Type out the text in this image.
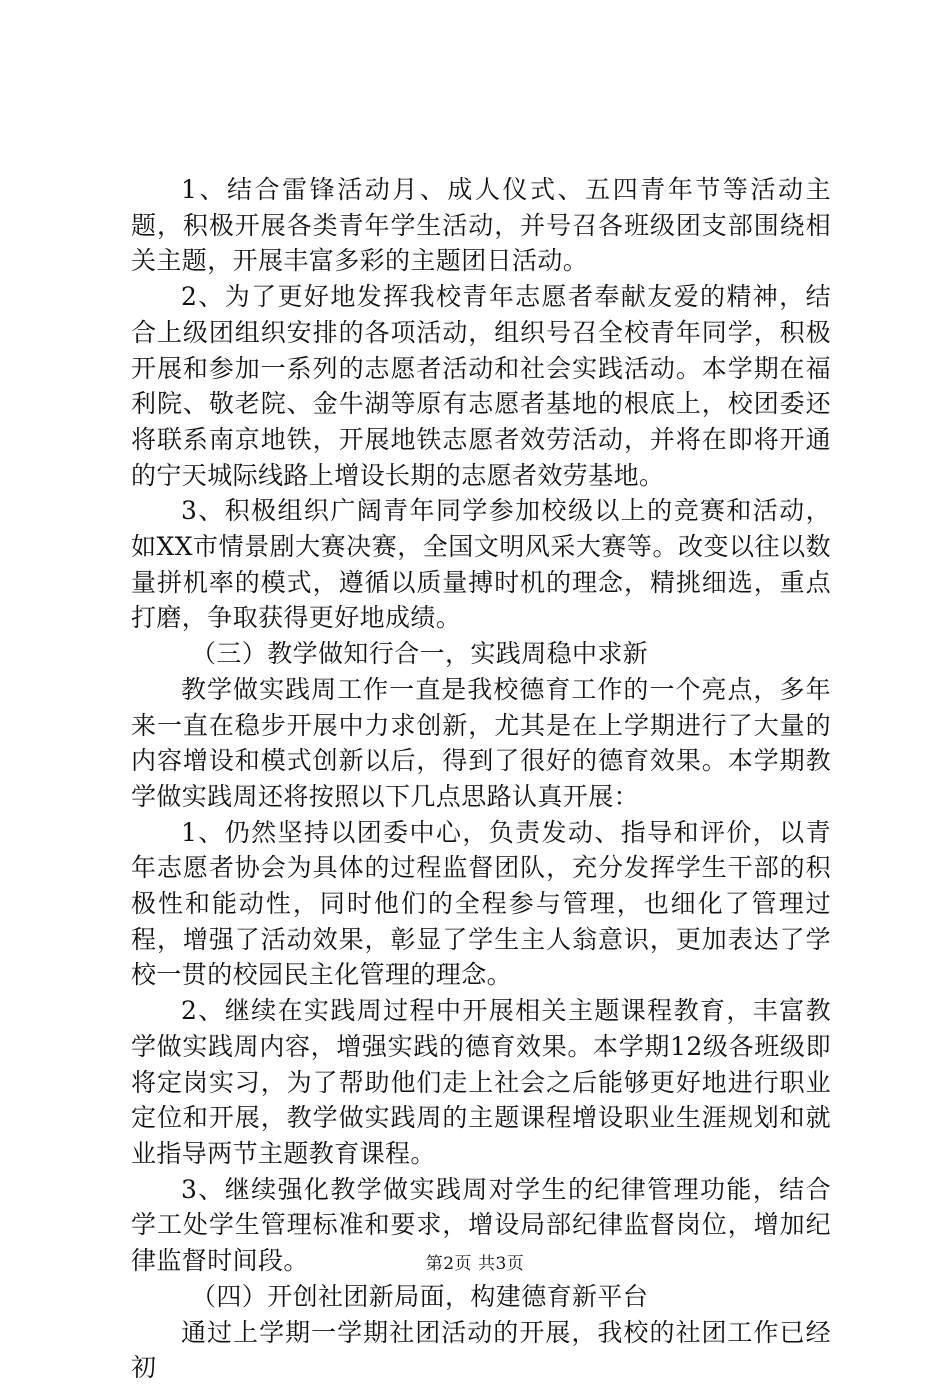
1、结合雷锋活动月、成人仪式、五四青年节等活动主题，积极开展各类青年学生活动，并号召各班级团支部围绕相关主题，开展丰富多彩的主题团日活动。

2、为了更好地发挥我校青年志愿者奉献友爱的精神，结合上级团组织安排的各项活动，组织号召全校青年同学，积极开展和参加一系列的志愿者活动和社会实践活动。本学期在福利院、敬老院、金牛湖等原有志愿者基地的根底上，校团委还将联系南京地铁，开展地铁志愿者效劳活动，并将在即将开通的宁天城际线路上增设长期的志愿者效劳基地。

3、积极组织广阔青年同学参加校级以上的竞赛和活动，如XX市情景剧大赛决赛，全国文明风采大赛等。改变以往以数量拼机率的模式，遵循以质量搏时机的理念，精挑细选，重点打磨，争取获得更好地成绩。

（三）教学做知行合一，实践周稳中求新

教学做实践周工作一直是我校德育工作的一个亮点，多年来一直在稳步开展中力求创新，尤其是在上学期进行了大量的内容增设和模式创新以后，得到了很好的德育效果。本学期教学做实践周还将按照以下几点思路认真开展：

1、仍然坚持以团委中心，负责发动、指导和评价，以青年志愿者协会为具体的过程监督团队，充分发挥学生干部的积极性和能动性，同时他们的全程参与管理，也细化了管理过程，增强了活动效果，彰显了学生主人翁意识，更加表达了学校一贯的校园民主化管理的理念。

2、继续在实践周过程中开展相关主题课程教育，丰富教学做实践周内容，增强实践的德育效果。本学期12级各班级即将定岗实习，为了帮助他们走上社会之后能够更好地进行职业定位和开展，教学做实践周的主题课程增设职业生涯规划和就业指导两节主题教育课程。

3、继续强化教学做实践周对学生的纪律管理功能，结合学工处学生管理标准和要求，增设局部纪律监督岗位，增加纪律监督时间段。

（四）开创社团新局面，构建德育新平台

通过上学期一学期社团活动的开展，我校的社团工作已经初

第2页 共3页
